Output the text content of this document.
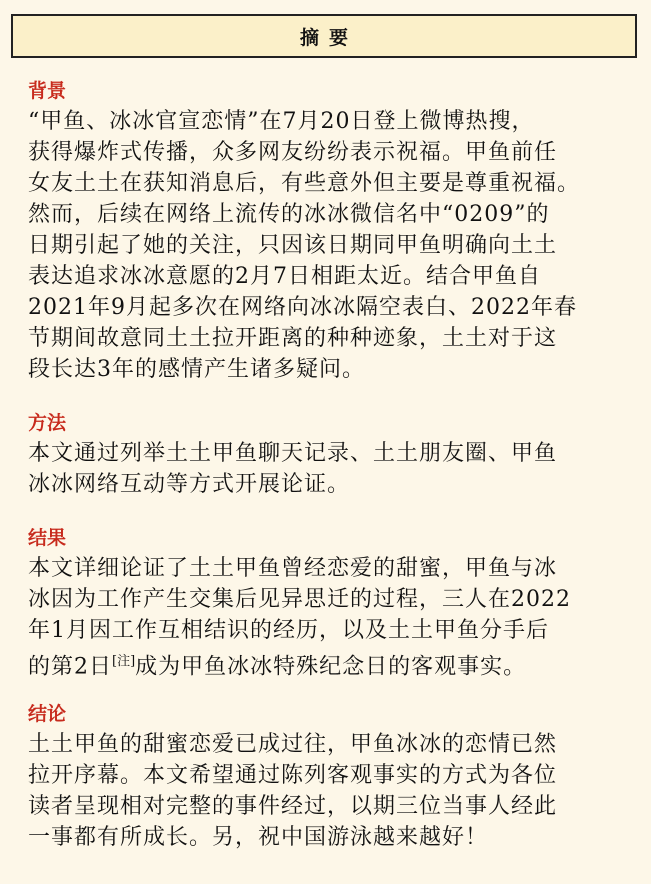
摘要
背景
“甲鱼、冰冰官宣恋情”在7月20日登上微博热搜，
获得爆炸式传播，众多网友纷纷表示祝福。甲鱼前任
女友土土在获知消息后，有些意外但主要是尊重祝福。
然而，后续在网络上流传的冰冰微信名中“0209”的
日期引起了她的关注，只因该日期同甲鱼明确向土土
表达追求冰冰意愿的2月7日相距太近。结合甲鱼自
2021年9月起多次在网络向冰冰隔空表白、2022年春
节期间故意同土土拉开距离的种种迹象，土土对于这
段长达3年的感情产生诸多疑问。
方法
本文通过列举土土甲鱼聊天记录、土土朋友圈、甲鱼
冰冰网络互动等方式开展论证。
结果
本文详细论证了土土甲鱼曾经恋爱的甜蜜，甲鱼与冰
冰因为工作产生交集后见异思迁的过程，三人在2022
年1月因工作互相结识的经历，以及土土甲鱼分手后
的第2日[注]成为甲鱼冰冰特殊纪念日的客观事实。
结论
土土甲鱼的甜蜜恋爱已成过往，甲鱼冰冰的恋情已然
拉开序幕。本文希望通过陈列客观事实的方式为各位
读者呈现相对完整的事件经过，以期三位当事人经此
一事都有所成长。另，祝中国游泳越来越好！
